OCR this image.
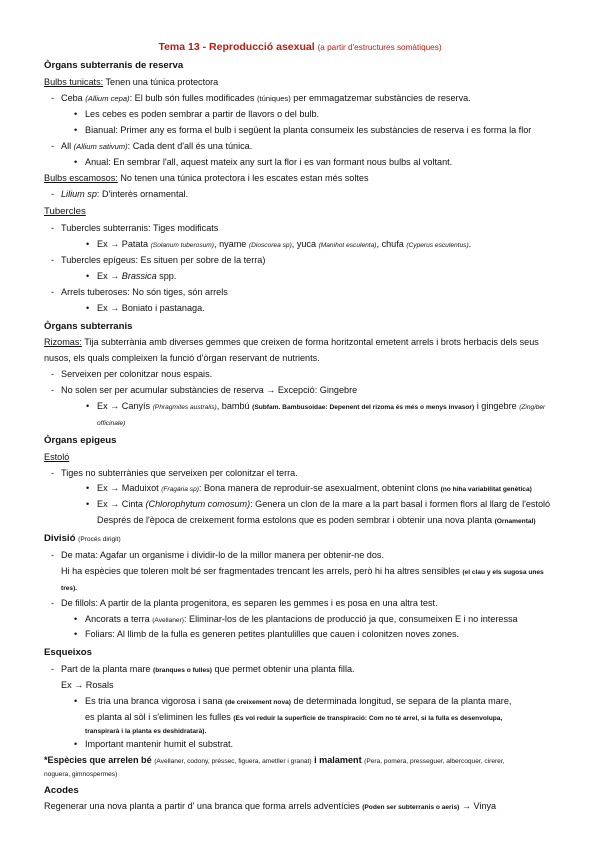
Tema 13 - Reproducció asexual (a partir d'estructures somàtiques)
Òrgans subterranis de reserva
Bulbs tunicats: Tenen una túnica protectora
- Ceba (Allium cepa): El bulb són fulles modificades (túniques) per emmagatzemar substàncies de reserva.
• Les cebes es poden sembrar a partir de llavors o del bulb.
• Bianual: Primer any es forma el bulb i següent la planta consumeix les substàncies de reserva i es forma la flor
- All (Allium sativum): Cada dent d'all és una túnica.
• Anual: En sembrar l'all, aquest mateix any surt la flor i es van formant nous bulbs al voltant.
Bulbs escamosos: No tenen una túnica protectora i les escates estan més soltes
- Lilium sp: D'interès ornamental.
Tubercles
- Tubercles subterranis: Tiges modificats
• Ex → Patata (Solanum tuberosum), nyame (Dioscorea sp), yuca (Manihot esculenta), chufa (Cyperus esculentus).
- Tubercles epígeus: Es situen per sobre de la terra)
• Ex → Brassica spp.
- Arrels tuberoses: No són tiges, són arrels
• Ex → Boniato i pastanaga.
Òrgans subterranis
Rizomas: Tija subterrània amb diverses gemmes que creixen de forma horitzontal emetent arrels i brots herbacis dels seus nusos, els quals compleixen la funció d'òrgan reservant de nutrients.
- Serveixen per colonitzar nous espais.
- No solen ser per acumular substàncies de reserva → Excepció: Gingebre
• Ex → Canyís (Phragmites australis), bambú (Subfam. Bambusoidae: Depenent del rizoma és més o menys invasor) i gingebre (Zingiber officinale)
Òrgans epigeus
Estoló
- Tiges no subterrànies que serveixen per colonitzar el terra.
• Ex → Maduixot (Fragària sp): Bona manera de reproduir-se asexualment, obtenint clons (no hiha variabilitat genètica)
• Ex → Cinta (Chlorophytum comosum): Genera un clon de la mare a la part basal i formen flors al llarg de l'estoló
Després de l'època de creixement forma estolons que es poden sembrar i obtenir una nova planta (Ornamental)
Divisió (Procés dirigit)
- De mata: Agafar un organisme i dividir-lo de la millor manera per obtenir-ne dos.
Hi ha espècies que toleren molt bé ser fragmentades trencant les arrels, però hi ha altres sensibles (el clau y els sugosa unes tres).
- De fillols: A partir de la planta progenitora, es separen les gemmes i es posa en una altra test.
• Ancorats a terra (Avellaner): Eliminar-los de les plantacions de producció ja que, consumeixen E i no interessa
• Foliars: Al llimb de la fulla es generen petites plantulilles que cauen i colonitzen noves zones.
Esqueixos
- Part de la planta mare (branques o fulles) que permet obtenir una planta filla.
Ex → Rosals
• Es tria una branca vigorosa i sana (de creixement nova) de determinada longitud, se separa de la planta mare,
es planta al sòl i s'eliminen les fulles (Es vol reduir la superfície de transpiració: Com no té arrel, si la fulla es desenvolupa,
transpirarà i la planta es deshidratarà).
• Important mantenir humit el substrat.
*Espècies que arrelen bé (Avellaner, codony, préssec, figuera, ametller i granat) i malament (Pera, pomera, presseguer, albercoquer, cirerer,
noguera, gimnospermes)
Acodes
Regenerar una nova planta a partir d' una branca que forma arrels adventícies (Poden ser subterranis o aeris) → Vinya
